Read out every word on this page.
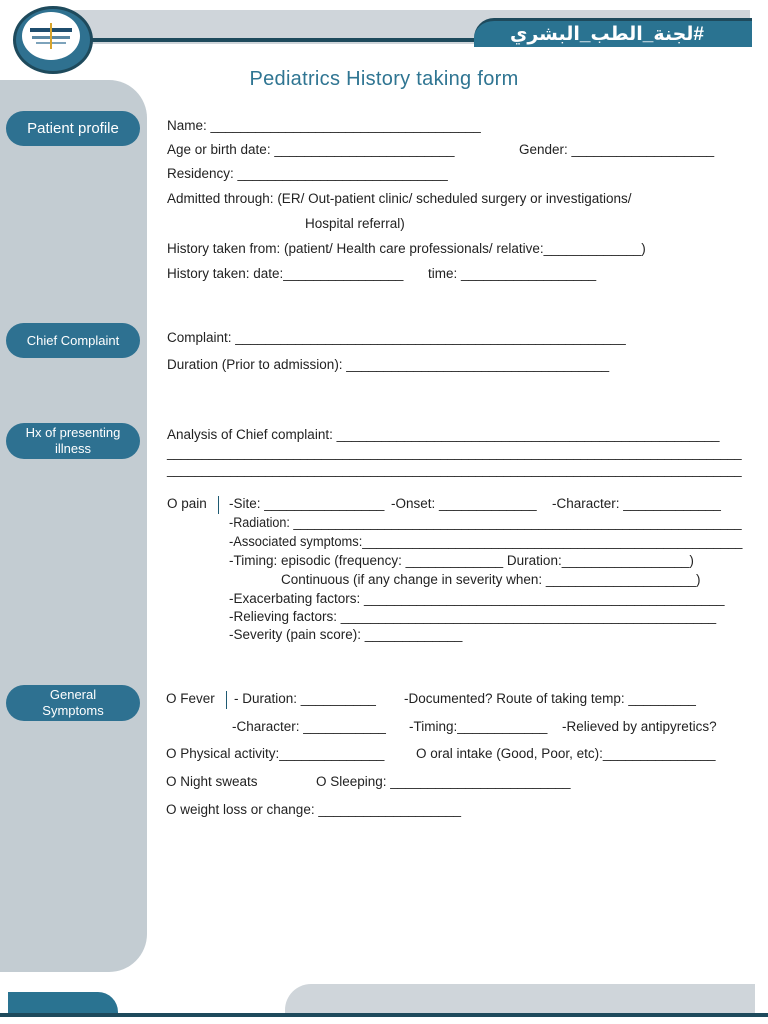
#لجنة_الطب_البشري
Pediatrics History taking form
Patient profile
Chief Complaint
Hx of presenting
illness
General
Symptoms
Name: ____________________________________
Age or birth date: ________________________	Gender: ___________________
Residency: ____________________________
Admitted through: (ER/ Out-patient clinic/ scheduled surgery or investigations/
Hospital referral)
History taken from: (patient/ Health care professionals/ relative:_____________)
History taken: date:________________ time: __________________
Complaint: ____________________________________________________
Duration (Prior to admission): ___________________________________
Analysis of Chief complaint: ___________________________________________________
__________________________________________________________________________________
__________________________________________________________________________________
O pain -Site: ________________ -Onset: _____________ -Character: _____________
-Radiation: ________________________________________________________________
-Associated symptoms:_____________________________________________________
-Timing: episodic (frequency: _____________ Duration:_________________)
Continuous (if any change in severity when: ____________________)
-Exacerbating factors: ________________________________________________
-Relieving factors: __________________________________________________
-Severity (pain score): _____________
O Fever - Duration: __________ -Documented? Route of taking temp: _________
-Character: ___________ -Timing:____________ -Relieved by antipyretics?
O Physical activity:______________ O oral intake (Good, Poor, etc):_______________
O Night sweats	O Sleeping: ________________________
O weight loss or change: ___________________
